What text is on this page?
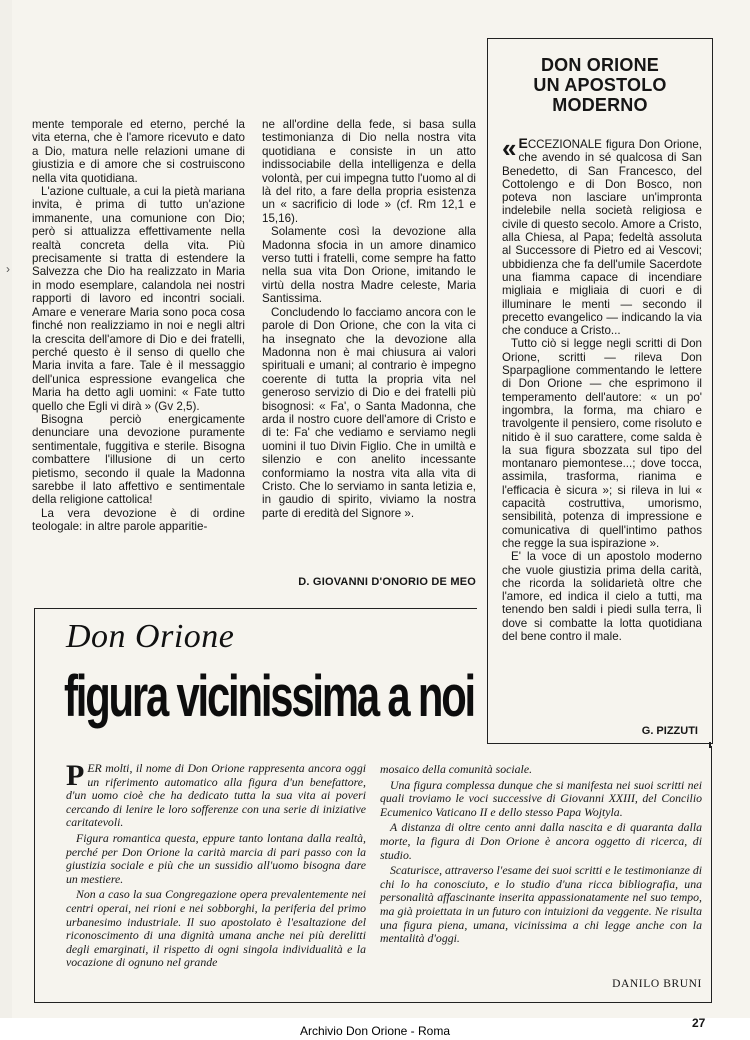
›

mente temporale ed eterno, perché la vita eterna, che è l'amore ricevuto e dato a Dio, matura nelle relazioni umane di giustizia e di amore che si costruiscono nella vita quotidiana.

L'azione cultuale, a cui la pietà mariana invita, è prima di tutto un'azione immanente, una comunione con Dio; però si attualizza effettivamente nella realtà concreta della vita. Più precisamente si tratta di estendere la Salvezza che Dio ha realizzato in Maria in modo esemplare, calandola nei nostri rapporti di lavoro ed incontri sociali. Amare e venerare Maria sono poca cosa finché non realizziamo in noi e negli altri la crescita dell'amore di Dio e dei fratelli, perché questo è il senso di quello che Maria invita a fare. Tale è il messaggio dell'unica espressione evangelica che Maria ha detto agli uomini: « Fate tutto quello che Egli vi dirà » (Gv 2,5).

Bisogna perciò energicamente denunciare una devozione puramente sentimentale, fuggitiva e sterile. Bisogna combattere l'illusione di un certo pietismo, secondo il quale la Madonna sarebbe il lato affettivo e sentimentale della religione cattolica!

La vera devozione è di ordine teologale: in altre parole apparitie-

ne all'ordine della fede, si basa sulla testimonianza di Dio nella nostra vita quotidiana e consiste in un atto indissociabile della intelligenza e della volontà, per cui impegna tutto l'uomo al di là del rito, a fare della propria esistenza un « sacrificio di lode » (cf. Rm 12,1 e 15,16).

Solamente così la devozione alla Madonna sfocia in un amore dinamico verso tutti i fratelli, come sempre ha fatto nella sua vita Don Orione, imitando le virtù della nostra Madre celeste, Maria Santissima.

Concludendo lo facciamo ancora con le parole di Don Orione, che con la vita ci ha insegnato che la devozione alla Madonna non è mai chiusura ai valori spirituali e umani; al contrario è impegno coerente di tutta la propria vita nel generoso servizio di Dio e dei fratelli più bisognosi: « Fa', o Santa Madonna, che arda il nostro cuore dell'amore di Cristo e di te: Fa' che vediamo e serviamo negli uomini il tuo Divin Figlio. Che in umiltà e silenzio e con anelito incessante conformiamo la nostra vita alla vita di Cristo. Che lo serviamo in santa letizia e, in gaudio di spirito, viviamo la nostra parte di eredità del Signore ».

D. GIOVANNI D'ONORIO DE MEO
DON ORIONE
UN APOSTOLO
MODERNO

« ECCEZIONALE figura Don Orione, che avendo in sé qualcosa di San Benedetto, di San Francesco, del Cottolengo e di Don Bosco, non poteva non lasciare un'impronta indelebile nella società religiosa e civile di questo secolo. Amore a Cristo, alla Chiesa, al Papa; fedeltà assoluta al Successore di Pietro ed ai Vescovi; ubbidienza che fa dell'umile Sacerdote una fiamma capace di incendiare migliaia e migliaia di cuori e di illuminare le menti — secondo il precetto evangelico — indicando la via che conduce a Cristo...

Tutto ciò si legge negli scritti di Don Orione, scritti — rileva Don Sparpaglione commentando le lettere di Don Orione — che esprimono il temperamento dell'autore: « un po' ingombra, la forma, ma chiaro e travolgente il pensiero, come risoluto e nitido è il suo carattere, come salda è la sua figura sbozzata sul tipo del montanaro piemontese...; dove tocca, assimila, trasforma, rianima e l'efficacia è sicura »; si rileva in lui « capacità costruttiva, umorismo, sensibilità, potenza di impressione e comunicativa di quell'intimo pathos che regge la sua ispirazione ».

E' la voce di un apostolo moderno che vuole giustizia prima della carità, che ricorda la solidarietà oltre che l'amore, ed indica il cielo a tutti, ma tenendo ben saldi i piedi sulla terra, lì dove si combatte la lotta quotidiana del bene contro il male.

G. PIZZUTI
Don Orione
figura vicinissima a noi

PER molti, il nome di Don Orione rappresenta ancora oggi un riferimento automatico alla figura d'un benefattore, d'un uomo cioè che ha dedicato tutta la sua vita ai poveri cercando di lenire le loro sofferenze con una serie di iniziative caritatevoli.

Figura romantica questa, eppure tanto lontana dalla realtà, perché per Don Orione la carità marcia di pari passo con la giustizia sociale e più che un sussidio all'uomo bisogna dare un mestiere.

Non a caso la sua Congregazione opera prevalentemente nei centri operai, nei rioni e nei sobborghi, la periferia del primo urbanesimo industriale. Il suo apostolato è l'esaltazione del riconoscimento di una dignità umana anche nei più derelitti degli emarginati, il rispetto di ogni singola individualità e la vocazione di ognuno nel grande

mosaico della comunità sociale.

Una figura complessa dunque che si manifesta nei suoi scritti nei quali troviamo le voci successive di Giovanni XXIII, del Concilio Ecumenico Vaticano II e dello stesso Papa Wojtyla.

A distanza di oltre cento anni dalla nascita e di quaranta dalla morte, la figura di Don Orione è ancora oggetto di ricerca, di studio.

Scaturisce, attraverso l'esame dei suoi scritti e le testimonianze di chi lo ha conosciuto, e lo studio d'una ricca bibliografia, una personalità affascinante inserita appassionatamente nel suo tempo, ma già proiettata in un futuro con intuizioni da veggente. Ne risulta una figura piena, umana, vicinissima a chi legge anche con la mentalità d'oggi.

DANILO BRUNI
27
Archivio Don Orione - Roma
